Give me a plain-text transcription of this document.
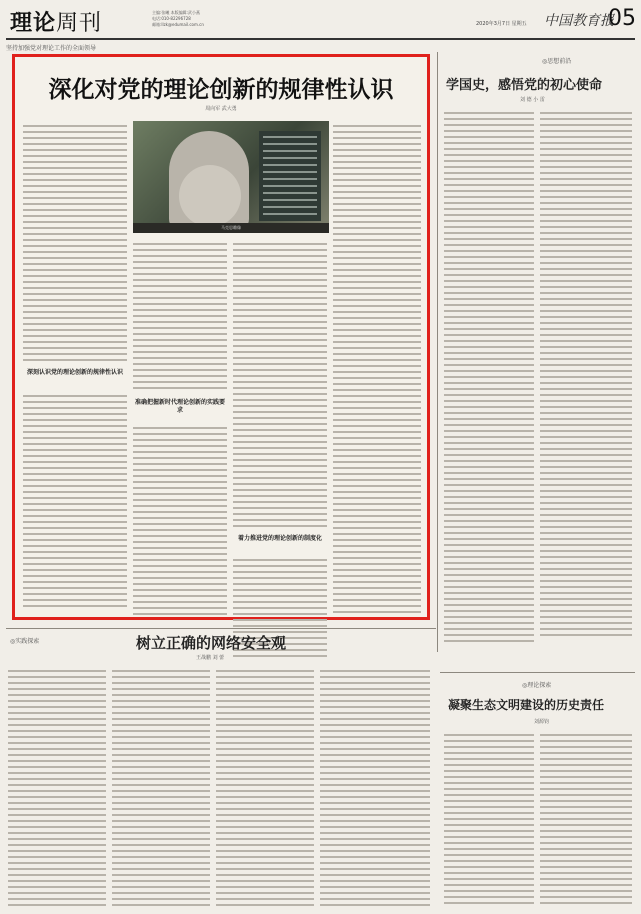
理论周刊	主编:张曦 本版编辑:武小燕
电话:010-82296728
邮箱:llzk@edumail.com.cn	2020年3月7日 星期五 中国教育报
05
坚持加强党对理论工作的全面领导
深化对党的理论创新的规律性认识
周向军 武大勇
马克思雕像
深刻认识党的理论创新的规律性认识
准确把握新时代理论创新的实践要求
着力推进党的理论创新的制度化
◎思想前沿
学国史，感悟党的初心使命
刘 德 小 雷
◎实践探索	树立正确的网络安全观
王战鹏 刘 蕾
◎理论探索
凝聚生态文明建设的历史责任
刘源钧
